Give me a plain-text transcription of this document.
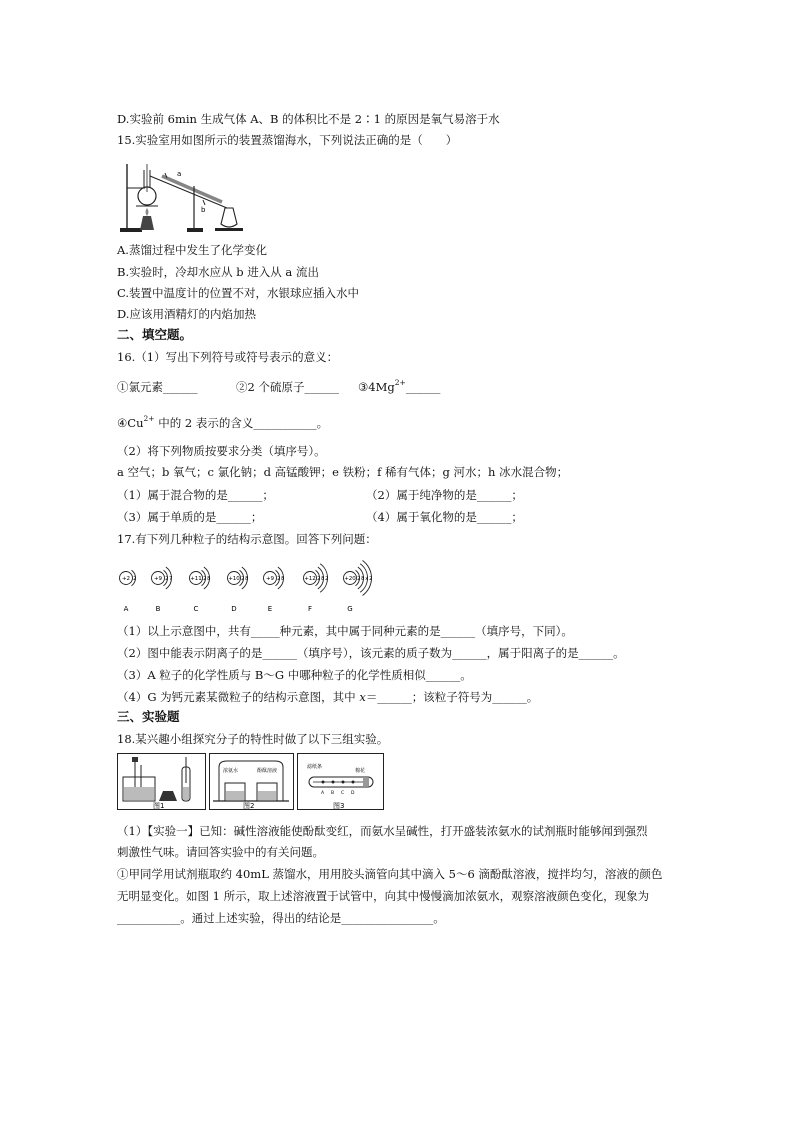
D.实验前 6min 生成气体 A、B 的体积比不是 2∶1 的原因是氧气易溶于水
15.实验室用如图所示的装置蒸馏海水，下列说法正确的是（　　）
a
b
A.蒸馏过程中发生了化学变化
B.实验时，冷却水应从 b 进入从 a 流出
C.装置中温度计的位置不对，水银球应插入水中
D.应该用酒精灯的内焰加热
二、填空题。
16.（1）写出下列符号或符号表示的意义：
①氯元素______	②2 个硫原子______ $③4Mg^{2+}\_\_\_\_\_\_$
$④Cu^{2+}$ 中的 2 表示的含义___________。
（2）将下列物质按要求分类（填序号）。
a 空气；b 氧气；c 氯化钠；d 高锰酸钾；e 铁粉；f 稀有气体；g 河水；h 冰水混合物；
（1）属于混合物的是______；	（2）属于纯净物的是______；
（3）属于单质的是______；	（4）属于氧化物的是______；
17.有下列几种粒子的结构示意图。回答下列问题：
+2 2
A
+9 2 7
B
+11 2 8
C
+10 2 8
D
+9 2 8
E
+12 2 8 2
F
+20 2 8 x 2
G
（1）以上示意图中，共有_____种元素，其中属于同种元素的是______（填序号，下同）。
（2）图中能表示阴离子的是______（填序号），该元素的质子数为______，属于阳离子的是______。
（3）A 粒子的化学性质与 B～G 中哪种粒子的化学性质相似______。
（4）G 为钙元素某微粒子的结构示意图，其中 x＝______；该粒子符号为______。
三、实验题
18.某兴趣小组探究分子的特性时做了以下三组实验。
图1
浓氨水	酚酞溶液
图2
滤纸条
棉花
A B C D
图3
（1）【实验一】已知：碱性溶液能使酚酞变红，而氨水呈碱性，打开盛装浓氨水的试剂瓶时能够闻到强烈
刺激性气味。请回答实验中的有关问题。
①甲同学用试剂瓶取约 40mL 蒸馏水，用用胶头滴管向其中滴入 5～6 滴酚酞溶液，搅拌均匀，溶液的颜色
无明显变化。如图 1 所示，取上述溶液置于试管中，向其中慢慢滴加浓氨水，观察溶液颜色变化，现象为
___________。通过上述实验，得出的结论是________________。
